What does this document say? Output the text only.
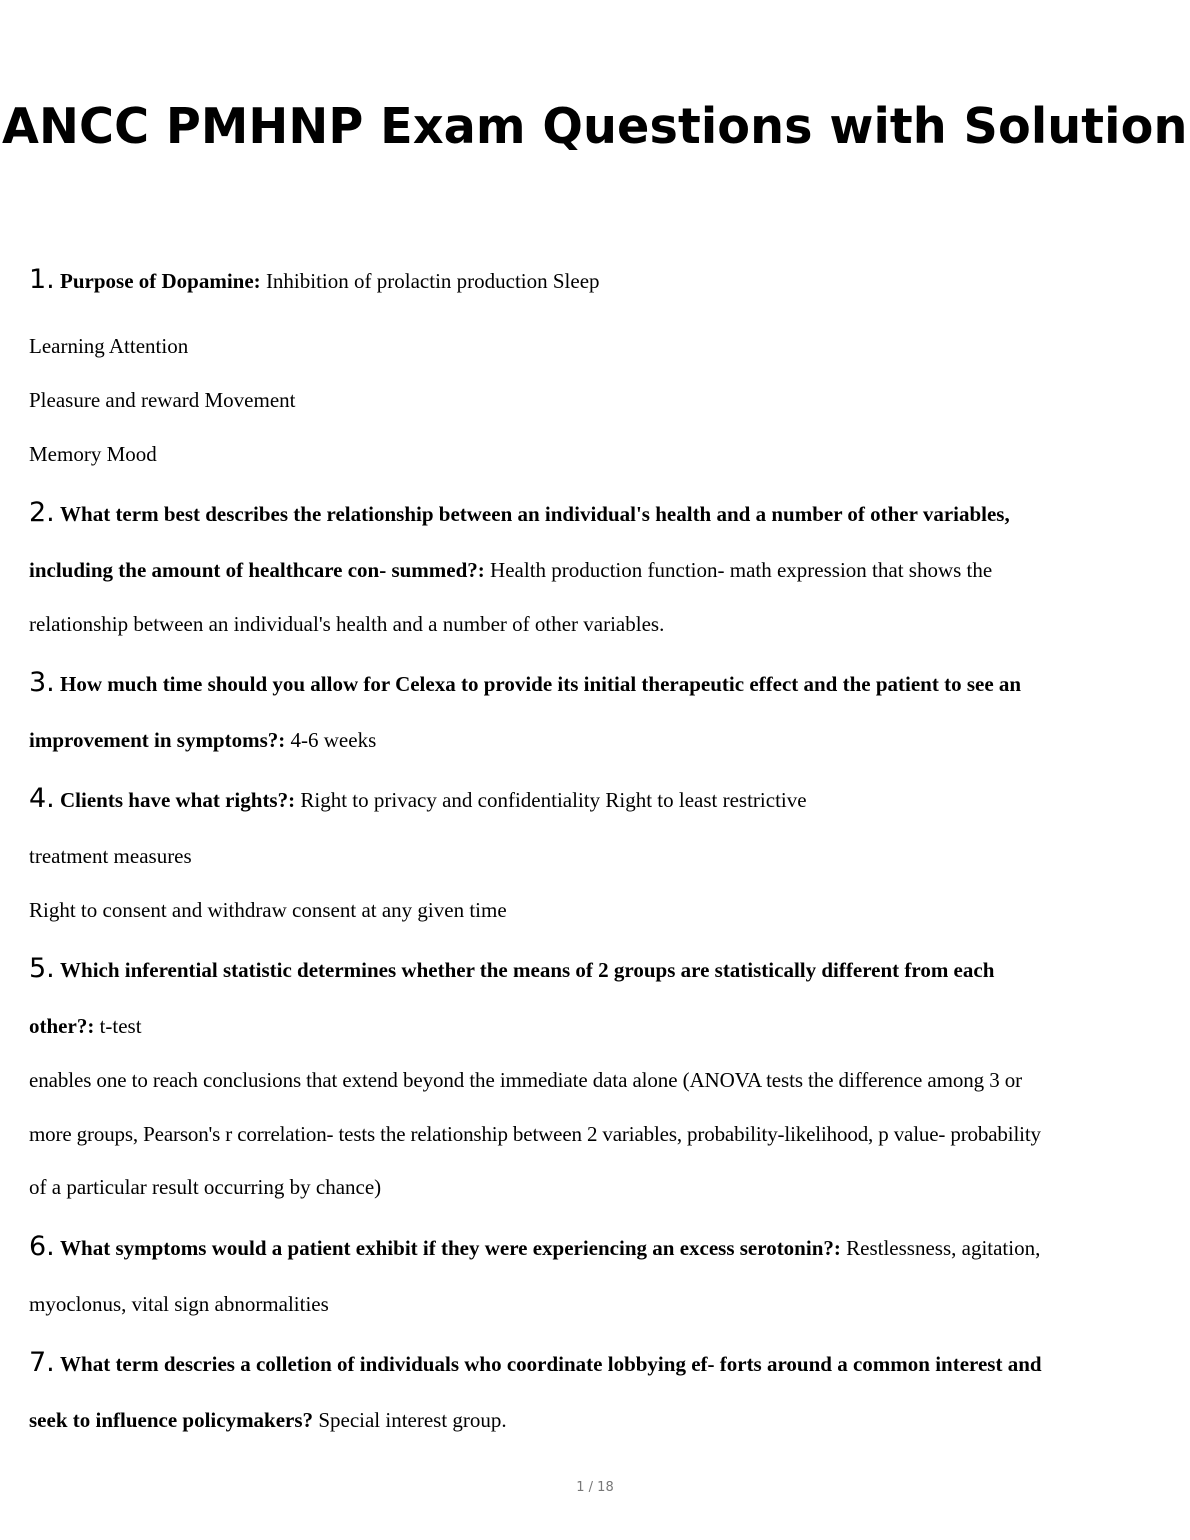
ANCC PMHNP Exam Questions with Solution
1. Purpose of Dopamine: Inhibition of prolactin production Sleep
Learning Attention
Pleasure and reward Movement
Memory Mood
2. What term best describes the relationship between an individual's health and a number of other variables,
including the amount of healthcare con- summed?: Health production function- math expression that shows the
relationship between an individual's health and a number of other variables.
3. How much time should you allow for Celexa to provide its initial therapeutic effect and the patient to see an
improvement in symptoms?: 4-6 weeks
4. Clients have what rights?: Right to privacy and confidentiality Right to least restrictive
treatment measures
Right to consent and withdraw consent at any given time
5. Which inferential statistic determines whether the means of 2 groups are statistically different from each
other?: t-test
enables one to reach conclusions that extend beyond the immediate data alone (ANOVA tests the difference among 3 or
more groups, Pearson's r correlation- tests the relationship between 2 variables, probability-likelihood, p value- probability
of a particular result occurring by chance)
6. What symptoms would a patient exhibit if they were experiencing an excess serotonin?: Restlessness, agitation,
myoclonus, vital sign abnormalities
7. What term descries a colletion of individuals who coordinate lobbying ef- forts around a common interest and
seek to influence policymakers? Special interest group.
1 / 18
